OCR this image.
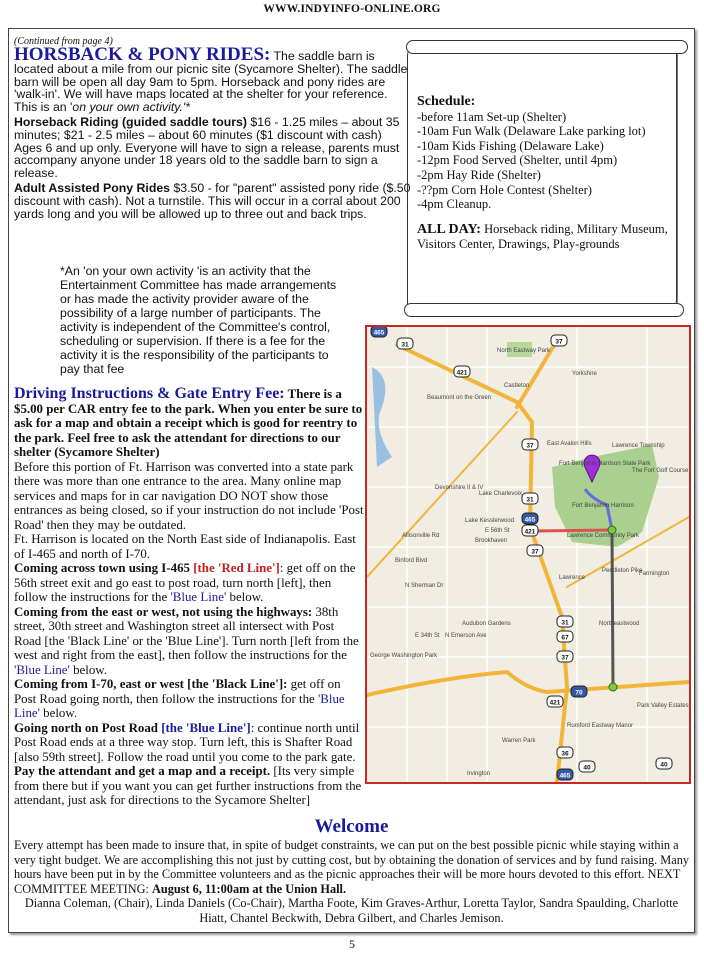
WWW.INDYINFO-ONLINE.ORG
(Continued from page 4)

HORSBACK & PONY RIDES: The saddle barn is located about a mile from our picnic site (Sycamore Shelter). The saddle barn will be open all day 9am to 5pm. Horseback and pony rides are 'walk-in'. We will have maps located at the shelter for your reference. This is an 'on your own activity.'*

Horseback Riding (guided saddle tours) $16 - 1.25 miles – about 35 minutes; $21 - 2.5 miles – about 60 minutes ($1 discount with cash) Ages 6 and up only. Everyone will have to sign a release, parents must accompany anyone under 18 years old to the saddle barn to sign a release.

Adult Assisted Pony Rides $3.50 - for "parent" assisted pony ride ($.50 discount with cash). Not a turnstile. This will occur in a corral about 200 yards long and you will be allowed up to three out and back trips.

*An 'on your own activity 'is an activity that the Entertainment Committee has made arrangements or has made the activity provider aware of the possibility of a large number of participants. The activity is independent of the Committee's control, scheduling or supervision. If there is a fee for the activity it is the responsibility of the participants to pay that fee
Schedule:
-before 11am Set-up (Shelter)
-10am Fun Walk (Delaware Lake parking lot)
-10am Kids Fishing (Delaware Lake)
-12pm Food Served (Shelter, until 4pm)
-2pm Hay Ride (Shelter)
-??pm Corn Hole Contest (Shelter)
-4pm Cleanup.
ALL DAY: Horseback riding, Military Museum, Visitors Center, Drawings, Play-grounds
Driving Instructions & Gate Entry Fee: There is a $5.00 per CAR entry fee to the park. When you enter be sure to ask for a map and obtain a receipt which is good for reentry to the park. Feel free to ask the attendant for directions to our shelter (Sycamore Shelter)
Before this portion of Ft. Harrison was converted into a state park there was more than one entrance to the area. Many online map services and maps for in car navigation DO NOT show those entrances as being closed, so if your instruction do not include 'Post Road' then they may be outdated.
Ft. Harrison is located on the North East side of Indianapolis. East of I-465 and north of I-70.
Coming across town using I-465 [the 'Red Line']: get off on the 56th street exit and go east to post road, turn north [left], then follow the instructions for the 'Blue Line' below.
Coming from the east or west, not using the highways: 38th street, 30th street and Washington street all intersect with Post Road [the 'Black Line' or the 'Blue Line']. Turn north [left from the west and right from the east], then follow the instructions for the 'Blue Line' below.
Coming from I-70, east or west [the 'Black Line']: get off on Post Road going north, then follow the instructions for the 'Blue Line' below.
Going north on Post Road [the 'Blue Line']: continue north until Post Road ends at a three way stop. Turn left, this is Shafter Road [also 59th street]. Follow the road until you come to the park gate. Pay the attendant and get a map and a receipt. [Its very simple from there but if you want you can get further instructions from the attendant, just ask for directions to the Sycamore Shelter]
North Eastway Park
Yorkshire
Castleton
Beaumont on the Green
East Avalon Hills	Lawrence Township
Fort Benjamin Harrison State Park
The Fort Golf Course
Devonshire II & IV
Lake Charlevoix
Lake Kesslerwood
Fort Benjamin Harrison
E 56th St
Brookhaven
Lawrence Community Park
Pendleton Pike
Lawrence
Farmington
Northeastwood
Audubon Gardens
E 34th St
N Sherman Dr
N Emerson Ave
George Washington Park
Park Valley Estates
Rumford Eastway Manor
Warren Park
Irvington
Allisonville Rd
Binford Blvd
465
31
421
37
37
31
465
421
37
31
67
37
70
421
36
40
465
40
Welcome
Every attempt has been made to insure that, in spite of budget constraints, we can put on the best possible picnic while staying within a very tight budget. We are accomplishing this not just by cutting cost, but by obtaining the donation of services and by fund raising. Many hours have been put in by the Committee volunteers and as the picnic approaches their will be more hours devoted to this effort. NEXT COMMITTEE MEETING: August 6, 11:00am at the Union Hall.
Dianna Coleman, (Chair), Linda Daniels (Co-Chair), Martha Foote, Kim Graves-Arthur, Loretta Taylor, Sandra Spaulding, Charlotte Hiatt, Chantel Beckwith, Debra Gilbert, and Charles Jemison.
5
